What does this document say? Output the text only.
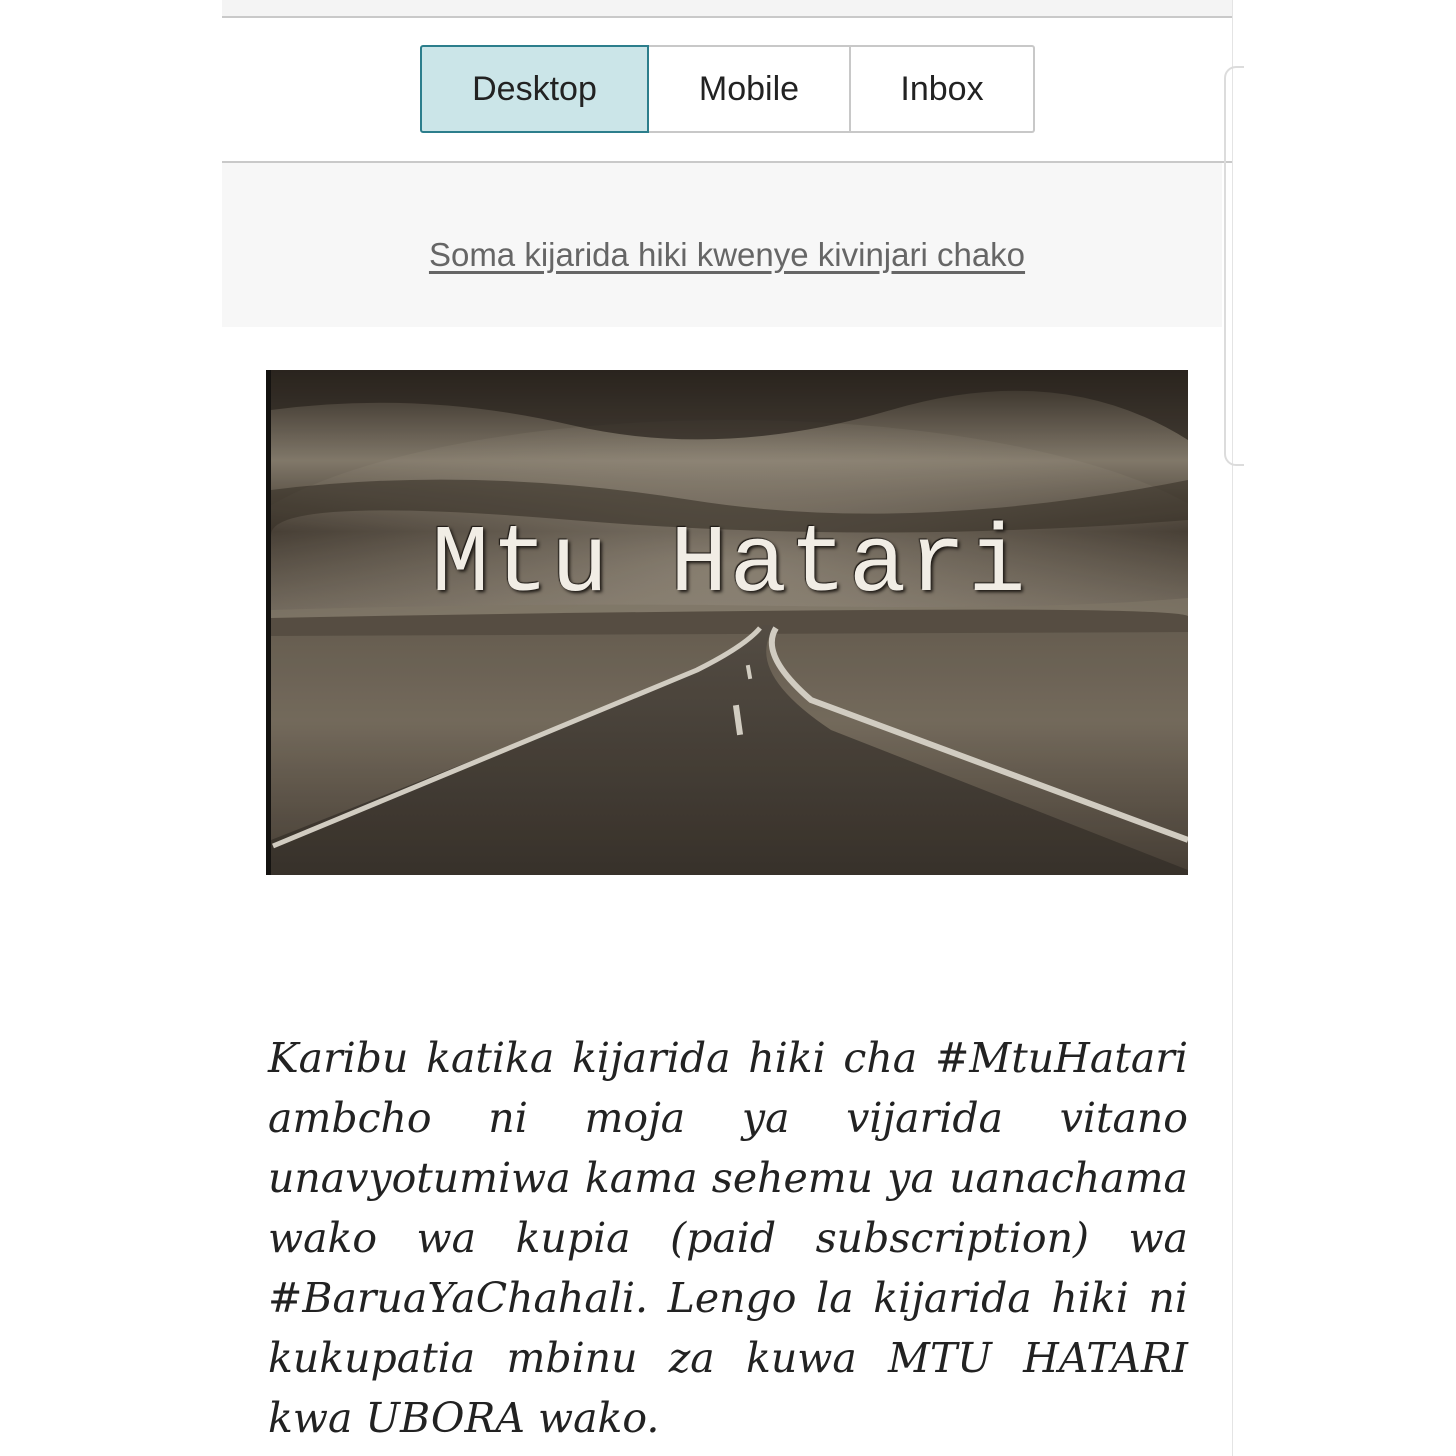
Desktop	Mobile	Inbox
Soma kijarida hiki kwenye kivinjari chako
Mtu Hatari

Karibu katika kijarida hiki cha #MtuHatari ambcho ni moja ya vijarida vitano unavyotumiwa kama sehemu ya uanachama wako wa kupia (paid subscription) wa #BaruaYaChahali. Lengo la kijarida hiki ni kukupatia mbinu za kuwa MTU HATARI kwa UBORA wako.
